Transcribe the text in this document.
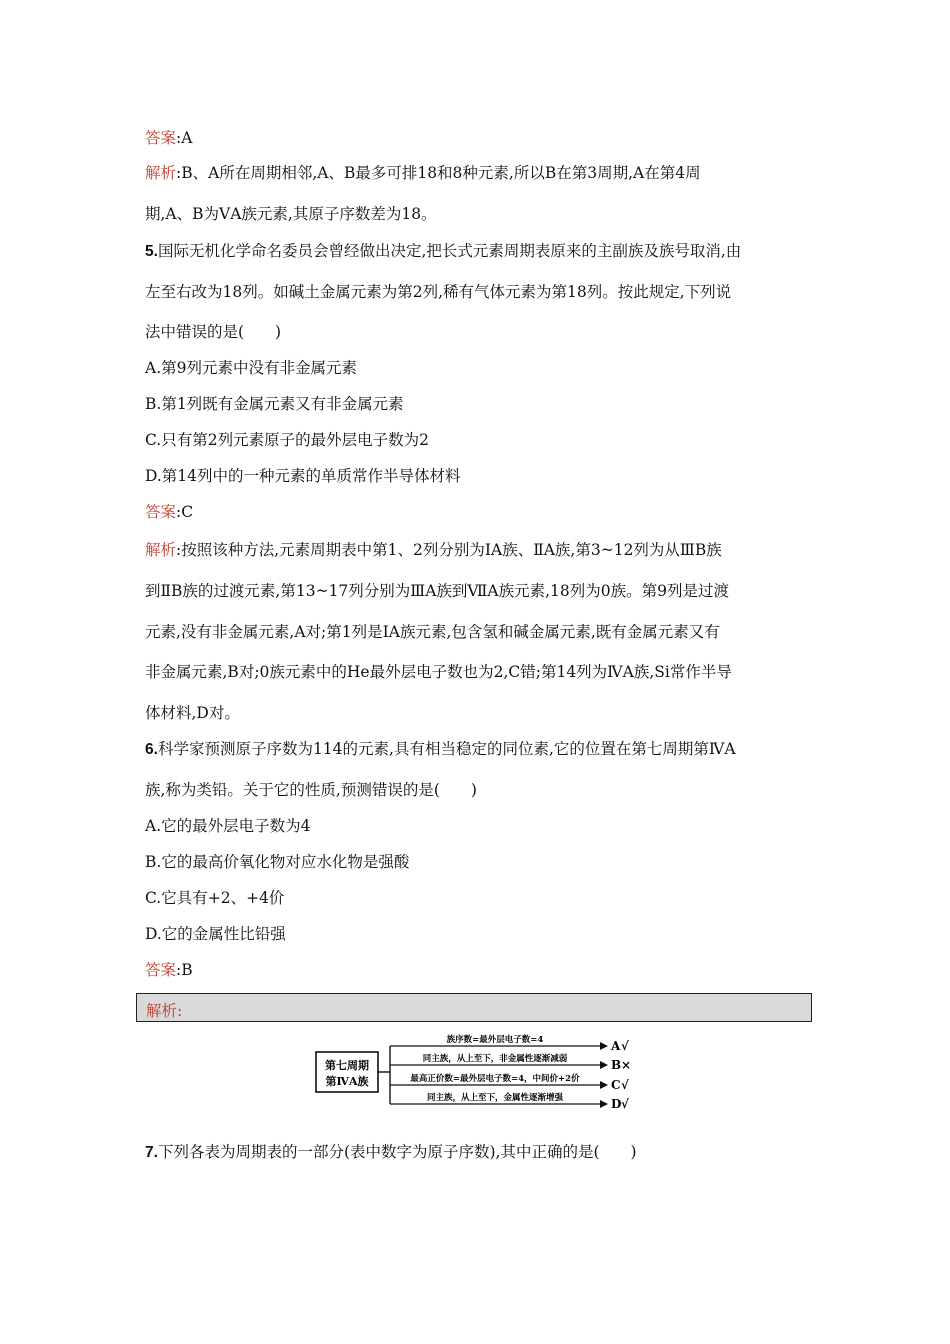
答案:A
解析:B、A所在周期相邻,A、B最多可排18和8种元素,所以B在第3周期,A在第4周
期,A、B为ⅤA族元素,其原子序数差为18。
5.国际无机化学命名委员会曾经做出决定,把长式元素周期表原来的主副族及族号取消,由
左至右改为18列。如碱土金属元素为第2列,稀有气体元素为第18列。按此规定,下列说
法中错误的是(　　)
A.第9列元素中没有非金属元素
B.第1列既有金属元素又有非金属元素
C.只有第2列元素原子的最外层电子数为2
D.第14列中的一种元素的单质常作半导体材料
答案:C
解析:按照该种方法,元素周期表中第1、2列分别为ⅠA族、ⅡA族,第3~12列为从ⅢB族
到ⅡB族的过渡元素,第13~17列分别为ⅢA族到ⅦA族元素,18列为0族。第9列是过渡
元素,没有非金属元素,A对;第1列是ⅠA族元素,包含氢和碱金属元素,既有金属元素又有
非金属元素,B对;0族元素中的He最外层电子数也为2,C错;第14列为ⅣA族,Si常作半导
体材料,D对。
6.科学家预测原子序数为114的元素,具有相当稳定的同位素,它的位置在第七周期第ⅣA
族,称为类铅。关于它的性质,预测错误的是(　　)
A.它的最外层电子数为4
B.它的最高价氧化物对应水化物是强酸
C.它具有+2、+4价
D.它的金属性比铅强
答案:B
解析:
第七周期
第ⅣA族
族序数=最外层电子数=4	A √
同主族，从上至下，非金属性逐渐减弱	B ×
最高正价数=最外层电子数=4，中间价+2价	C √
同主族，从上至下，金属性逐渐增强	D √
7.下列各表为周期表的一部分(表中数字为原子序数),其中正确的是(　　)
